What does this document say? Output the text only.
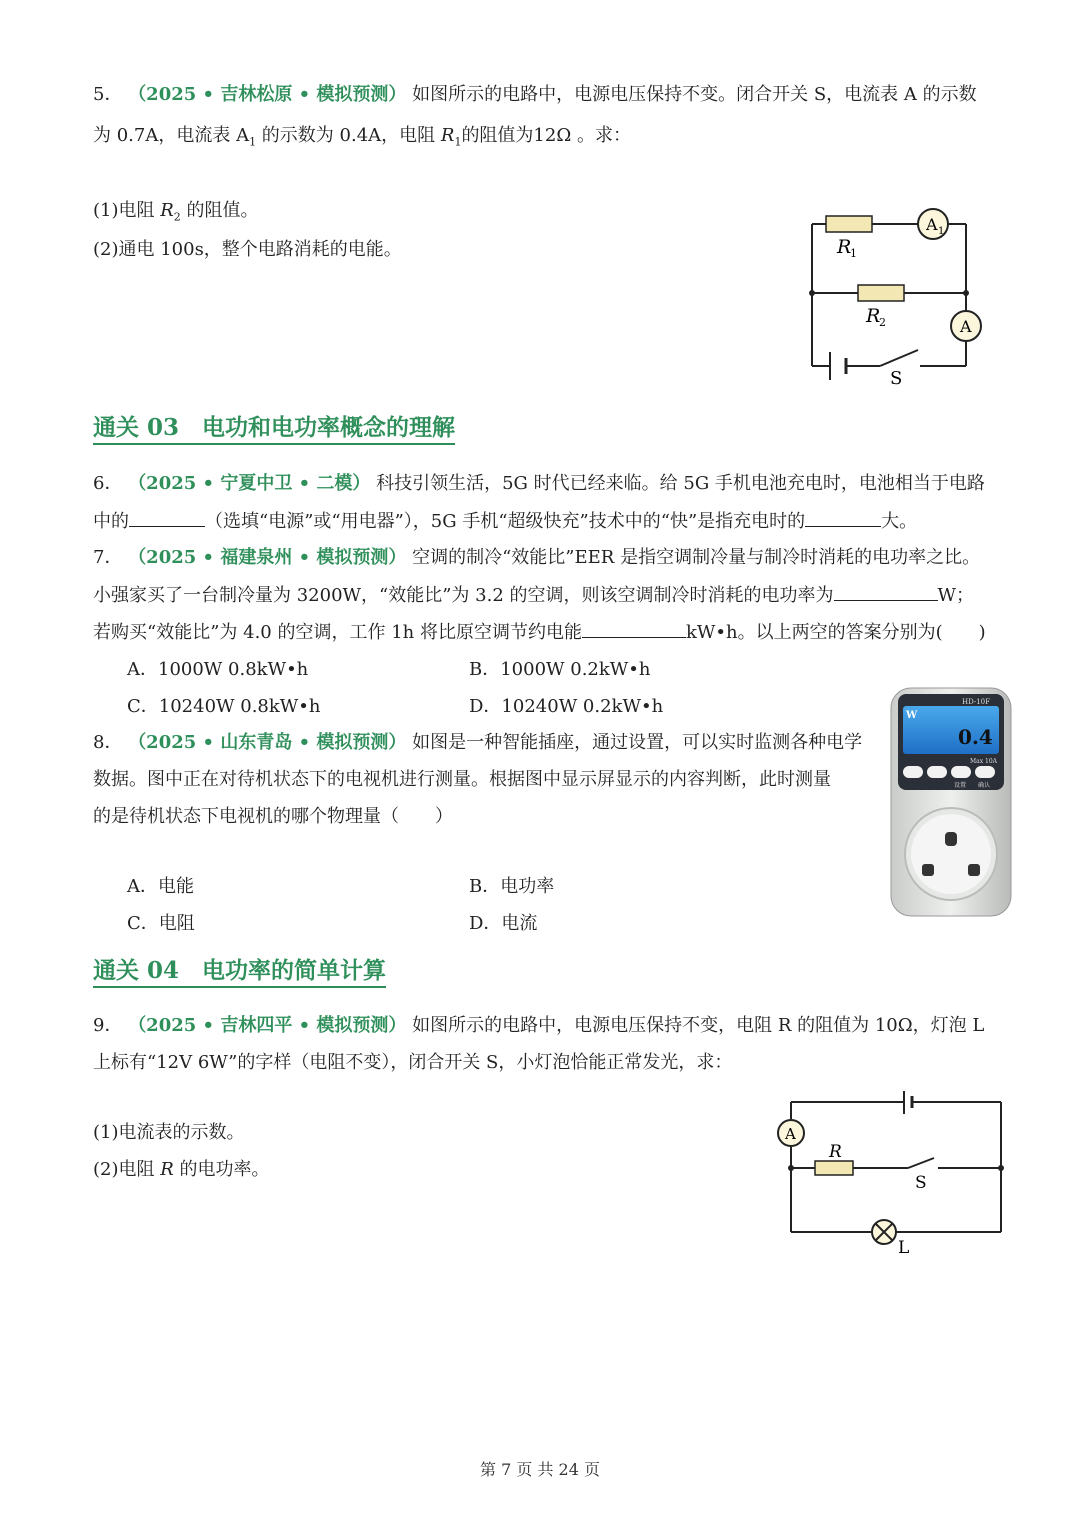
5． （2025 • 吉林松原 • 模拟预测） 如图所示的电路中，电源电压保持不变。闭合开关 S，电流表 A 的示数
为 0.7A，电流表 $A_1$ 的示数为 0.4A，电阻 $R_1$的阻值为12Ω 。求：
(1)电阻 $R_2$ 的阻值。
(2)通电 100s，整个电路消耗的电能。
A 1
A
R
1
R
2
S
通关 03　电功和电功率概念的理解
6． （2025 • 宁夏中卫 • 二模） 科技引领生活，5G 时代已经来临。给 5G 手机电池充电时，电池相当于电路
中的	（选填“电源”或“用电器”），5G 手机“超级快充”技术中的“快”是指充电时的	大。
7． （2025 • 福建泉州 • 模拟预测） 空调的制冷“效能比”EER 是指空调制冷量与制冷时消耗的电功率之比。
小强家买了一台制冷量为 3200W，“效能比”为 3.2 的空调，则该空调制冷时消耗的电功率为	W；
若购买“效能比”为 4.0 的空调，工作 1h 将比原空调节约电能	kW•h。以上两空的答案分别为(　　)
A．1000W 0.8kW•h	B．1000W 0.2kW•h
C．10240W 0.8kW•h	D．10240W 0.2kW•h
8． （2025 • 山东青岛 • 模拟预测） 如图是一种智能插座，通过设置，可以实时监测各种电学
数据。图中正在对待机状态下的电视机进行测量。根据图中显示屏显示的内容判断，此时测量
的是待机状态下电视机的哪个物理量（　　）
A．电能	B．电功率
C．电阻	D．电流
HD-10F
W
0.4
Max 10A
设置 确认
通关 04　电功率的简单计算
9． （2025 • 吉林四平 • 模拟预测） 如图所示的电路中，电源电压保持不变，电阻 R 的阻值为 10Ω，灯泡 L
上标有“12V 6W”的字样（电阻不变），闭合开关 S，小灯泡恰能正常发光，求：
(1)电流表的示数。
(2)电阻 R 的电功率。
A
R
S
L
第 7 页 共 24 页
